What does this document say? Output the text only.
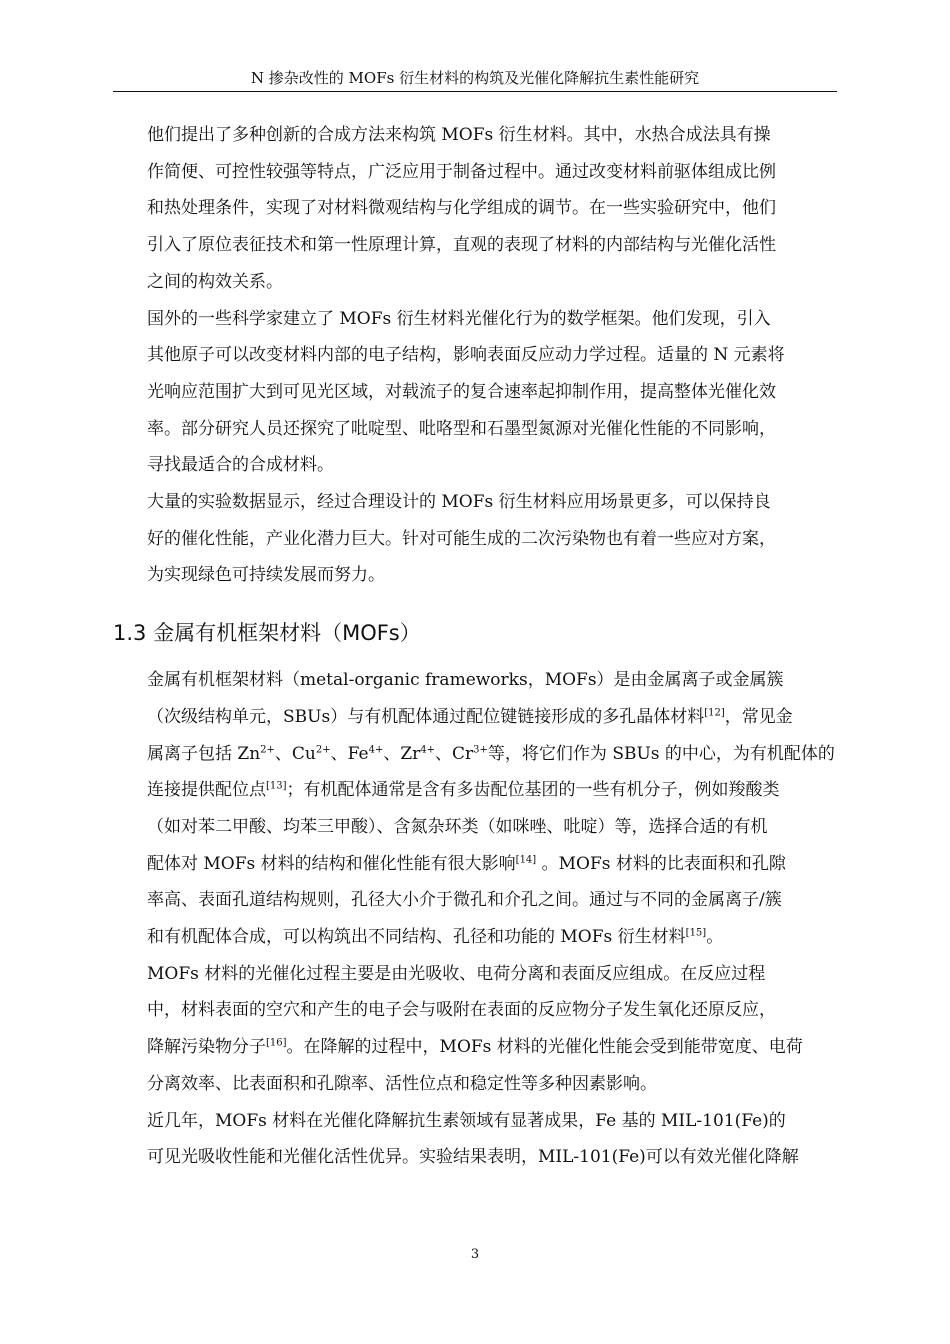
N 掺杂改性的 MOFs 衍生材料的构筑及光催化降解抗生素性能研究

他们提出了多种创新的合成方法来构筑 MOFs 衍生材料。其中，水热合成法具有操
作简便、可控性较强等特点，广泛应用于制备过程中。通过改变材料前驱体组成比例
和热处理条件，实现了对材料微观结构与化学组成的调节。在一些实验研究中，他们
引入了原位表征技术和第一性原理计算，直观的表现了材料的内部结构与光催化活性
之间的构效关系。

国外的一些科学家建立了 MOFs 衍生材料光催化行为的数学框架。他们发现，引入
其他原子可以改变材料内部的电子结构，影响表面反应动力学过程。适量的 N 元素将
光响应范围扩大到可见光区域，对载流子的复合速率起抑制作用，提高整体光催化效
率。部分研究人员还探究了吡啶型、吡咯型和石墨型氮源对光催化性能的不同影响，
寻找最适合的合成材料。

大量的实验数据显示，经过合理设计的 MOFs 衍生材料应用场景更多，可以保持良
好的催化性能，产业化潜力巨大。针对可能生成的二次污染物也有着一些应对方案，
为实现绿色可持续发展而努力。

1.3 金属有机框架材料（MOFs）

金属有机框架材料（metal-organic frameworks，MOFs）是由金属离子或金属簇
（次级结构单元，SBUs）与有机配体通过配位键链接形成的多孔晶体材料[12]，常见金
属离子包括 $Zn^{2+}$、$Cu^{2+}$、$Fe^{4+}$、$Zr^{4+}$、$Cr^{3+}$等，将它们作为 SBUs 的中心，为有机配体的
连接提供配位点[13]；有机配体通常是含有多齿配位基团的一些有机分子，例如羧酸类
（如对苯二甲酸、均苯三甲酸）、含氮杂环类（如咪唑、吡啶）等，选择合适的有机
配体对 MOFs 材料的结构和催化性能有很大影响[14] 。MOFs 材料的比表面积和孔隙
率高、表面孔道结构规则，孔径大小介于微孔和介孔之间。通过与不同的金属离子/簇
和有机配体合成，可以构筑出不同结构、孔径和功能的 MOFs 衍生材料[15]。

MOFs 材料的光催化过程主要是由光吸收、电荷分离和表面反应组成。在反应过程
中，材料表面的空穴和产生的电子会与吸附在表面的反应物分子发生氧化还原反应，
降解污染物分子[16]。在降解的过程中，MOFs 材料的光催化性能会受到能带宽度、电荷
分离效率、比表面积和孔隙率、活性位点和稳定性等多种因素影响。

近几年，MOFs 材料在光催化降解抗生素领域有显著成果，Fe 基的 MIL-101(Fe)的
可见光吸收性能和光催化活性优异。实验结果表明，MIL-101(Fe)可以有效光催化降解

3
